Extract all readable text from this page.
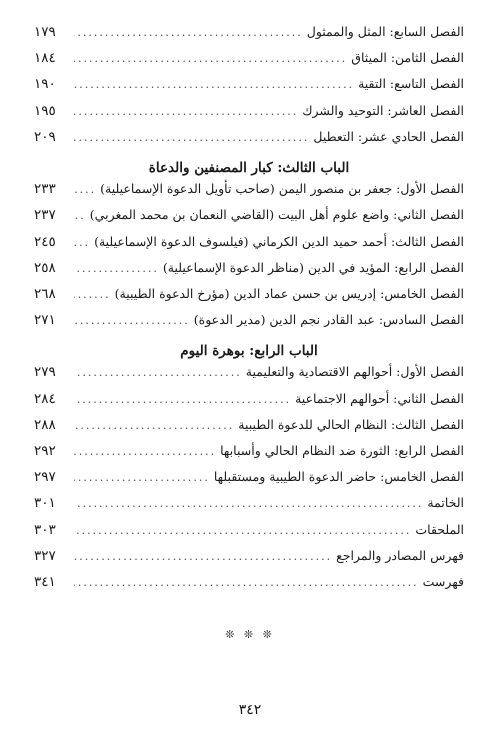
الفصل السابع: المثل والممثول
.....
١٧٩
الفصل الثامن: الميثاق
.....
١٨٤
الفصل التاسع: التقية
.....
١٩٠
الفصل العاشر: التوحيد والشرك
.....
١٩٥
الفصل الحادي عشر: التعطيل
.....
٢٠٩
الباب الثالث: كبار المصنفين والدعاة
الفصل الأول: جعفر بن منصور اليمن (صاحب تأويل الدعوة الإسماعيلية)
.....
٢٣٣
الفصل الثاني: واضع علوم أهل البيت (القاضي النعمان بن محمد المغربي)
.....
٢٣٧
الفصل الثالث: أحمد حميد الدين الكرماني (فيلسوف الدعوة الإسماعيلية)
.....
٢٤٥
الفصل الرابع: المؤيد في الدين (مناظر الدعوة الإسماعيلية)
.....
٢٥٨
الفصل الخامس: إدريس بن حسن عماد الدين (مؤرخ الدعوة الطيبية)
.....
٢٦٨
الفصل السادس: عبد القادر نجم الدين (مدير الدعوة)
.....
٢٧١
الباب الرابع: بوهرة اليوم
الفصل الأول: أحوالهم الاقتصادية والتعليمية
.....
٢٧٩
الفصل الثاني: أحوالهم الاجتماعية
.....
٢٨٤
الفصل الثالث: النظام الحالي للدعوة الطيبية
.....
٢٨٨
الفصل الرابع: الثورة ضد النظام الحالي وأسبابها
.....
٢٩٢
الفصل الخامس: حاضر الدعوة الطيبية ومستقبلها
.....
٢٩٧
الخاتمة
.....
٣٠١
الملحقات
.....
٣٠٣
فهرس المصادر والمراجع
.....
٣٢٧
فهرست
.....
٣٤١
❊ ❊ ❊
٣٤٢
